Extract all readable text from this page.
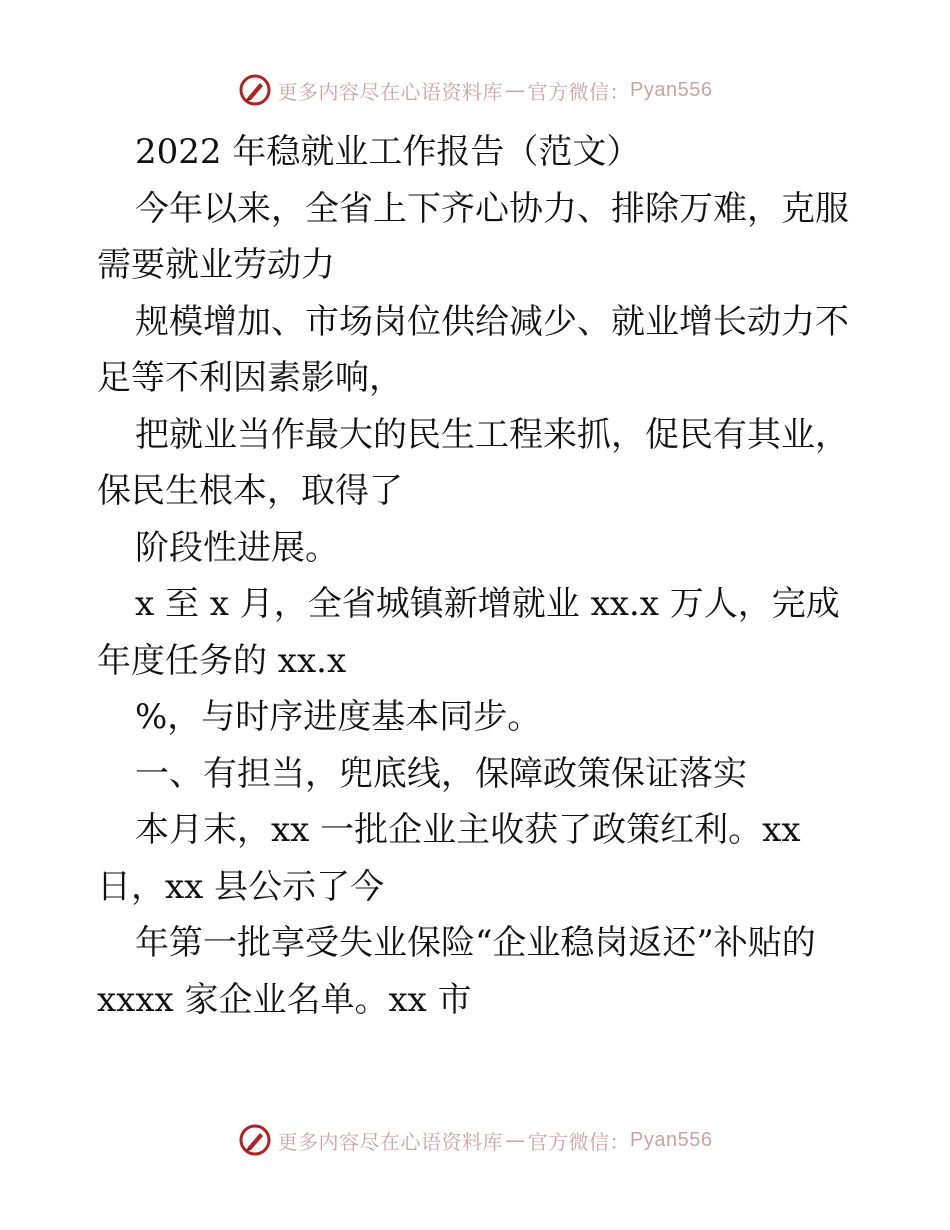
更多内容尽在心语资料库 — 官方微信： Pyan556
2022 年稳就业工作报告（范文）
今年以来，全省上下齐心协力、排除万难，克服
需要就业劳动力
规模增加、市场岗位供给减少、就业增长动力不
足等不利因素影响，
把就业当作最大的民生工程来抓，促民有其业，
保民生根本，取得了
阶段性进展。
x 至 x 月，全省城镇新增就业 xx.x 万人，完成
年度任务的 xx.x
%，与时序进度基本同步。
一、有担当，兜底线，保障政策保证落实
本月末，xx 一批企业主收获了政策红利。xx
日，xx 县公示了今
年第一批享受失业保险“企业稳岗返还”补贴的
xxxx 家企业名单。xx 市
更多内容尽在心语资料库 — 官方微信： Pyan556
